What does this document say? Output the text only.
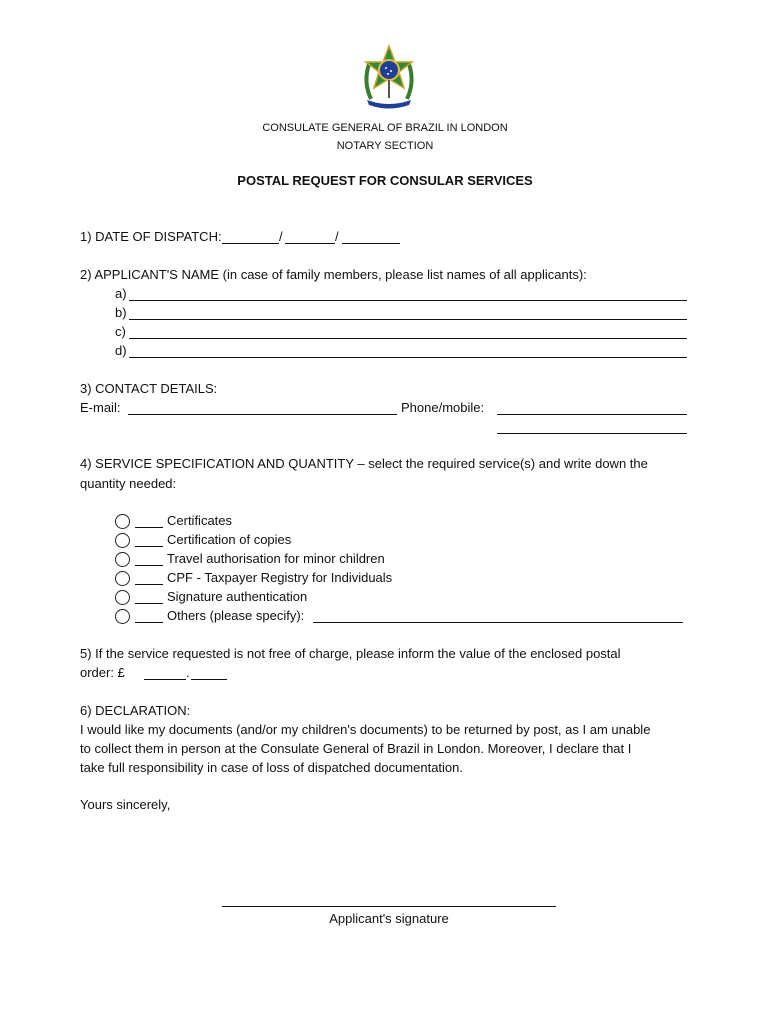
CONSULATE GENERAL OF BRAZIL IN LONDON
NOTARY SECTION
POSTAL REQUEST FOR CONSULAR SERVICES
1) DATE OF DISPATCH:	/	/
2) APPLICANT'S NAME (in case of family members, please list names of all applicants):
a)
b)
c)
d)
3) CONTACT DETAILS:
E-mail:	Phone/mobile:
4) SERVICE SPECIFICATION AND QUANTITY – select the required service(s) and write down the
quantity needed:
Certificates
Certification of copies
Travel authorisation for minor children
CPF - Taxpayer Registry for Individuals
Signature authentication
Others (please specify):
5) If the service requested is not free of charge, please inform the value of the enclosed postal
order: £	.
6) DECLARATION:
I would like my documents (and/or my children's documents) to be returned by post, as I am unable
to collect them in person at the Consulate General of Brazil in London. Moreover, I declare that I
take full responsibility in case of loss of dispatched documentation.
Yours sincerely,
Applicant's signature
